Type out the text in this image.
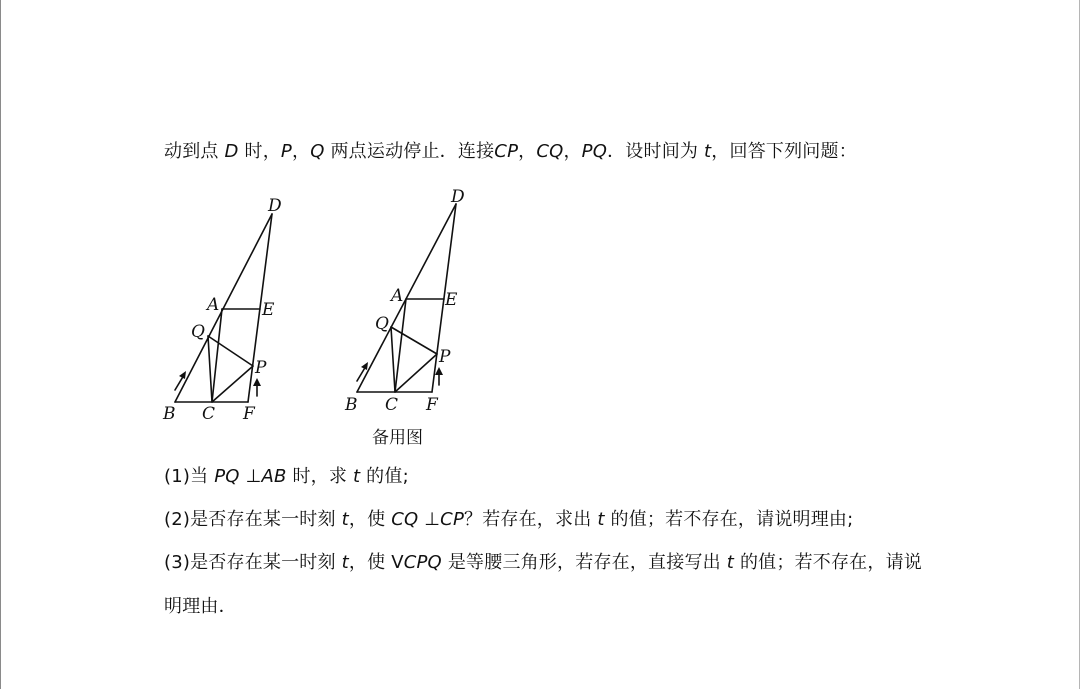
动到点 D 时，P，Q 两点运动停止．连接CP，CQ，PQ．设时间为 t，回答下列问题：
D
A	E
Q
P
B C F
D
A E
Q
P
B C F
备用图
(1)当 PQ ⊥AB 时，求 t 的值;
(2)是否存在某一时刻 t，使 CQ ⊥CP？若存在，求出 t 的值；若不存在，请说明理由;
(3)是否存在某一时刻 t，使 VCPQ 是等腰三角形，若存在，直接写出 t 的值；若不存在，请说
明理由．
